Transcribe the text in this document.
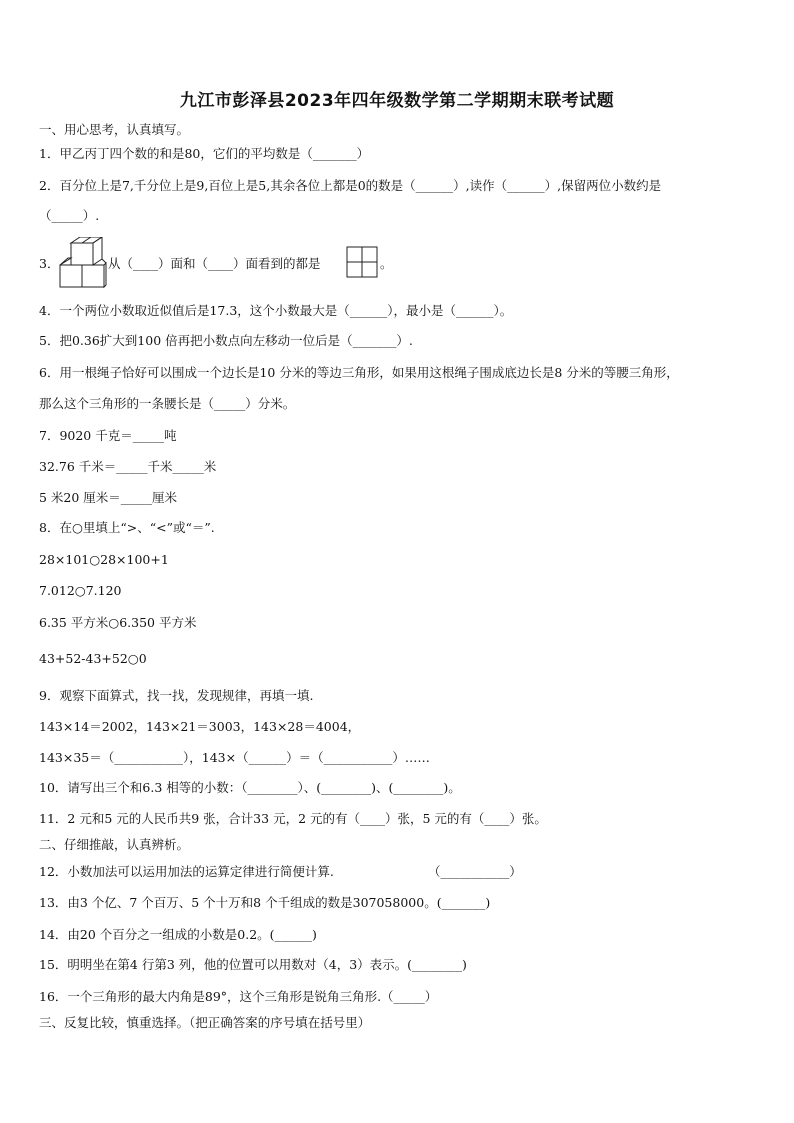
九江市彭泽县2023年四年级数学第二学期期末联考试题
一、用心思考，认真填写。
1．甲乙丙丁四个数的和是80，它们的平均数是（_______）
2．百分位上是7,千分位上是9,百位上是5,其余各位上都是0的数是（______）,读作（______）,保留两位小数约是
（_____）.
3．	从（____）面和（____）面看到的都是	。
4．一个两位小数取近似值后是17.3，这个小数最大是（______），最小是（______）。
5．把0.36扩大到100 倍再把小数点向左移动一位后是（_______）.
6．用一根绳子恰好可以围成一个边长是10 分米的等边三角形，如果用这根绳子围成底边长是8 分米的等腰三角形，
那么这个三角形的一条腰长是（_____）分米。
7．9020 千克＝_____吨
32.76 千米＝_____千米_____米
5 米20 厘米＝_____厘米
8．在○里填上“>、“<”或“＝”.
28×101○28×100+1
7.012○7.120
6.35 平方米○6.350 平方米
43+52-43+52○0
9．观察下面算式，找一找，发现规律，再填一填.
143×14＝2002，143×21＝3003，143×28＝4004，
143×35＝（___________），143×（______）＝（___________）……
10．请写出三个和6.3 相等的小数：（________）、(________)、(________)。
11．2 元和5 元的人民币共9 张，合计33 元，2 元的有（____）张，5 元的有（____）张。
二、仔细推敲，认真辨析。
12．小数加法可以运用加法的运算定律进行简便计算.	（___________）
13．由3 个亿、7 个百万、5 个十万和8 个千组成的数是307058000。(_______)
14．由20 个百分之一组成的小数是0.2。(______)
15．明明坐在第4 行第3 列，他的位置可以用数对（4，3）表示。(________)
16．一个三角形的最大内角是89°，这个三角形是锐角三角形.（_____）
三、反复比较，慎重选择。（把正确答案的序号填在括号里）
